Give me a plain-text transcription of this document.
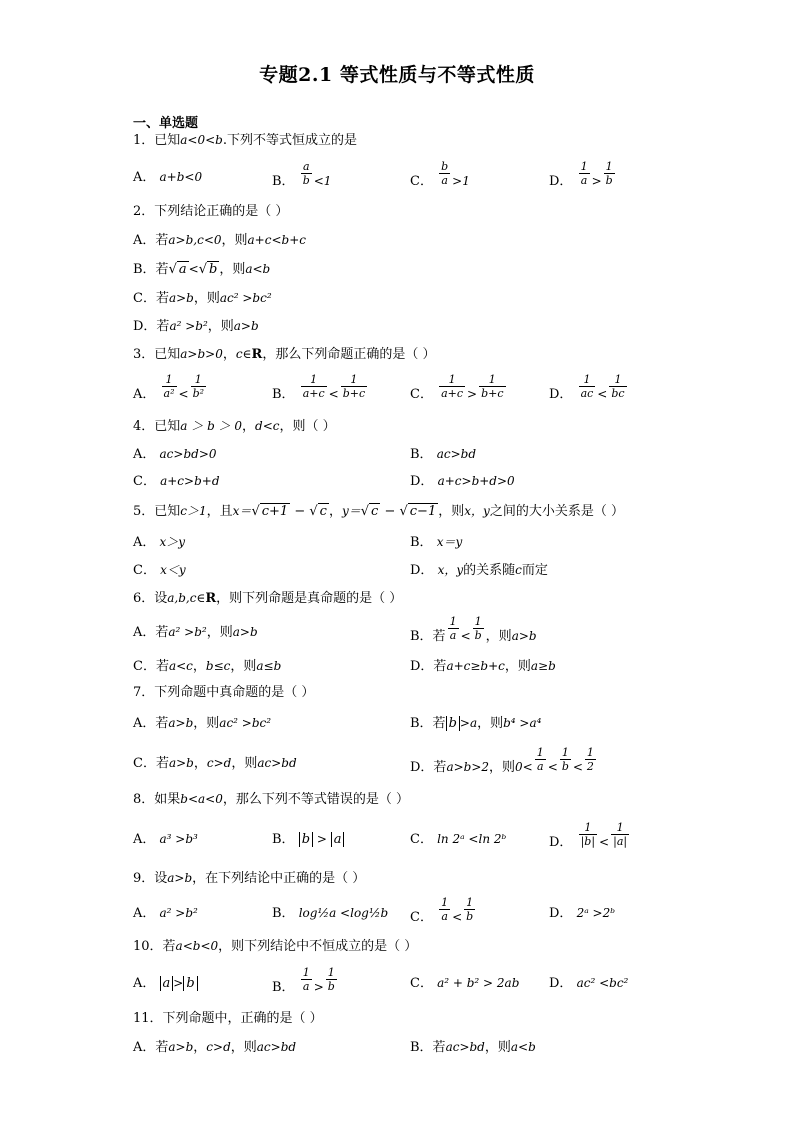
专题2.1 等式性质与不等式性质
一、单选题
1．已知a<0<b.下列不等式恒成立的是
A． a+b<0	B． $\frac{a}{b} <1$	C． $\frac{b}{a} >1$	D． $\frac{1}{a} > \frac{1}{b}$
2．下列结论正确的是（ ）
A．若a>b,c<0，则a+c<b+c
B．若√ a <√ b ，则a<b
C．若a>b，则ac² >bc²
D．若a² >b²，则a>b
3．已知a>b>0，c∈R，那么下列命题正确的是（ ）
A． $\frac{1}{\text{a²}} < \frac{1}{\text{b²}}$	B． $\frac{1}{a+c} < \frac{1}{b+c}$	C． $\frac{1}{a+c} > \frac{1}{b+c}$	D． $\frac{1}{ac} < \frac{1}{bc}$
4．已知a ＞ b ＞ 0，d<c，则（ ）
A． ac>bd>0	B． ac>bd
C． a+c>b+d	D． a+c>b+d>0
5．已知c＞1，且x＝√ c+1 − √ c ，y＝√ c − √ c−1 ，则x，y之间的大小关系是（ ）
A． x＞y	B． x＝y
C． x＜y	D． x，y的关系随c而定
6．设a,b,c∈R，则下列命题是真命题的是（ ）
A．若a² >b²，则a>b	B．若 $\frac{1}{a} < \frac{1}{b}$ ，则a>b
C．若a<c，b≤c，则a≤b	D．若a+c≥b+c，则a≥b
7．下列命题中真命题的是（ ）
A．若a>b，则ac² >bc²	B．若 b >a，则b⁴ >a⁴
C．若a>b，c>d，则ac>bd	D．若a>b>2，则$0< \frac{1}{a} < \frac{1}{b} < \frac{1}{2}$
8．如果b<a<0，那么下列不等式错误的是（ ）
A． a³ >b³	B． b > a	C． ln 2ᵃ <ln 2ᵇ	D． $\frac{1}{|b|} < \frac{1}{|a|}$
9．设a>b，在下列结论中正确的是（ ）
A． a² >b²	B． log½a <log½b C． $\frac{1}{a} < \frac{1}{b}$	D． 2ᵃ >2ᵇ
10．若a<b<0，则下列结论中不恒成立的是（ ）
A． a > b	B． $\frac{1}{a} > \frac{1}{b}$	C． a² + b² > 2ab D． ac² <bc²
11．下列命题中，正确的是（ ）
A．若a>b，c>d，则ac>bd	B．若ac>bd，则a<b
